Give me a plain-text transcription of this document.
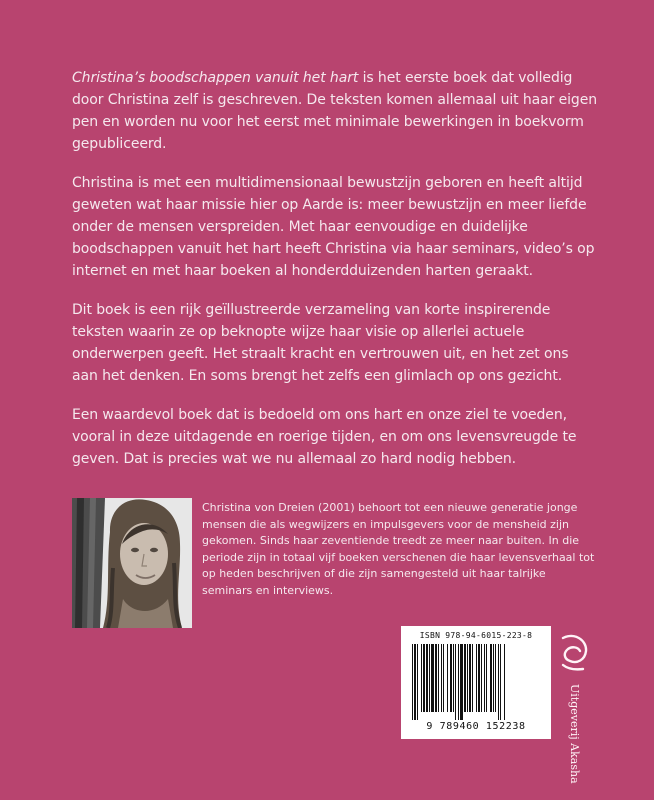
Christina’s boodschappen vanuit het hart is het eerste boek dat volledig door Christina zelf is geschreven. De teksten komen allemaal uit haar eigen pen en worden nu voor het eerst met minimale bewerkingen in boekvorm gepubliceerd.

Christina is met een multidimensionaal bewustzijn geboren en heeft altijd geweten wat haar missie hier op Aarde is: meer bewustzijn en meer liefde onder de mensen verspreiden. Met haar eenvoudige en duidelijke boodschappen vanuit het hart heeft Christina via haar seminars, video’s op internet en met haar boeken al honderdduizenden harten geraakt.

Dit boek is een rijk geïllustreerde verzameling van korte inspirerende teksten waarin ze op beknopte wijze haar visie op allerlei actuele onderwerpen geeft. Het straalt kracht en vertrouwen uit, en het zet ons aan het denken. En soms brengt het zelfs een glimlach op ons gezicht.

Een waardevol boek dat is bedoeld om ons hart en onze ziel te voeden, vooral in deze uitdagende en roerige tijden, en om ons levensvreugde te geven. Dat is precies wat we nu allemaal zo hard nodig hebben.

Christina von Dreien (2001) behoort tot een nieuwe generatie jonge mensen die als wegwijzers en impulsgevers voor de mensheid zijn gekomen. Sinds haar zeventiende treedt ze meer naar buiten. In die periode zijn in totaal vijf boeken verschenen die haar levensverhaal tot op heden beschrijven of die zijn samengesteld uit haar talrijke seminars en interviews.
ISBN 978-94-6015-223-8
9 789460 152238	Uitgeverij Akasha
